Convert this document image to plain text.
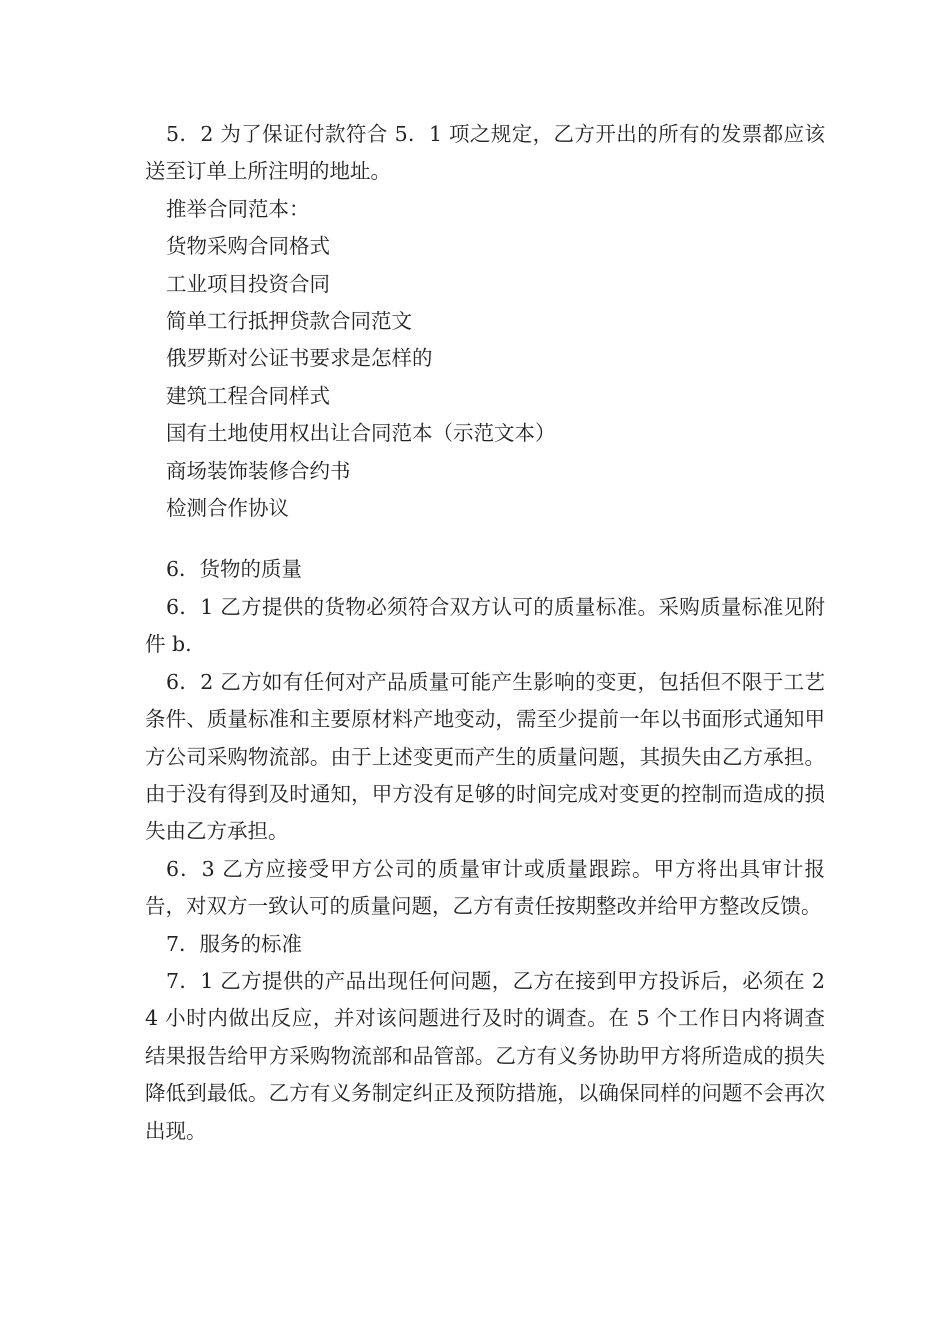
5．2 为了保证付款符合 5．1 项之规定，乙方开出的所有的发票都应该送至订单上所注明的地址。

推举合同范本：

货物采购合同格式

工业项目投资合同

简单工行抵押贷款合同范文

俄罗斯对公证书要求是怎样的

建筑工程合同样式

国有土地使用权出让合同范本（示范文本）

商场装饰装修合约书

检测合作协议

6．货物的质量

6．1 乙方提供的货物必须符合双方认可的质量标准。采购质量标准见附件 b.

6．2 乙方如有任何对产品质量可能产生影响的变更，包括但不限于工艺条件、质量标准和主要原材料产地变动，需至少提前一年以书面形式通知甲方公司采购物流部。由于上述变更而产生的质量问题，其损失由乙方承担。由于没有得到及时通知，甲方没有足够的时间完成对变更的控制而造成的损失由乙方承担。

6．3 乙方应接受甲方公司的质量审计或质量跟踪。甲方将出具审计报告，对双方一致认可的质量问题，乙方有责任按期整改并给甲方整改反馈。

7．服务的标准

7．1 乙方提供的产品出现任何问题，乙方在接到甲方投诉后，必须在 24 小时内做出反应，并对该问题进行及时的调查。在 5 个工作日内将调查结果报告给甲方采购物流部和品管部。乙方有义务协助甲方将所造成的损失降低到最低。乙方有义务制定纠正及预防措施，以确保同样的问题不会再次出现。
